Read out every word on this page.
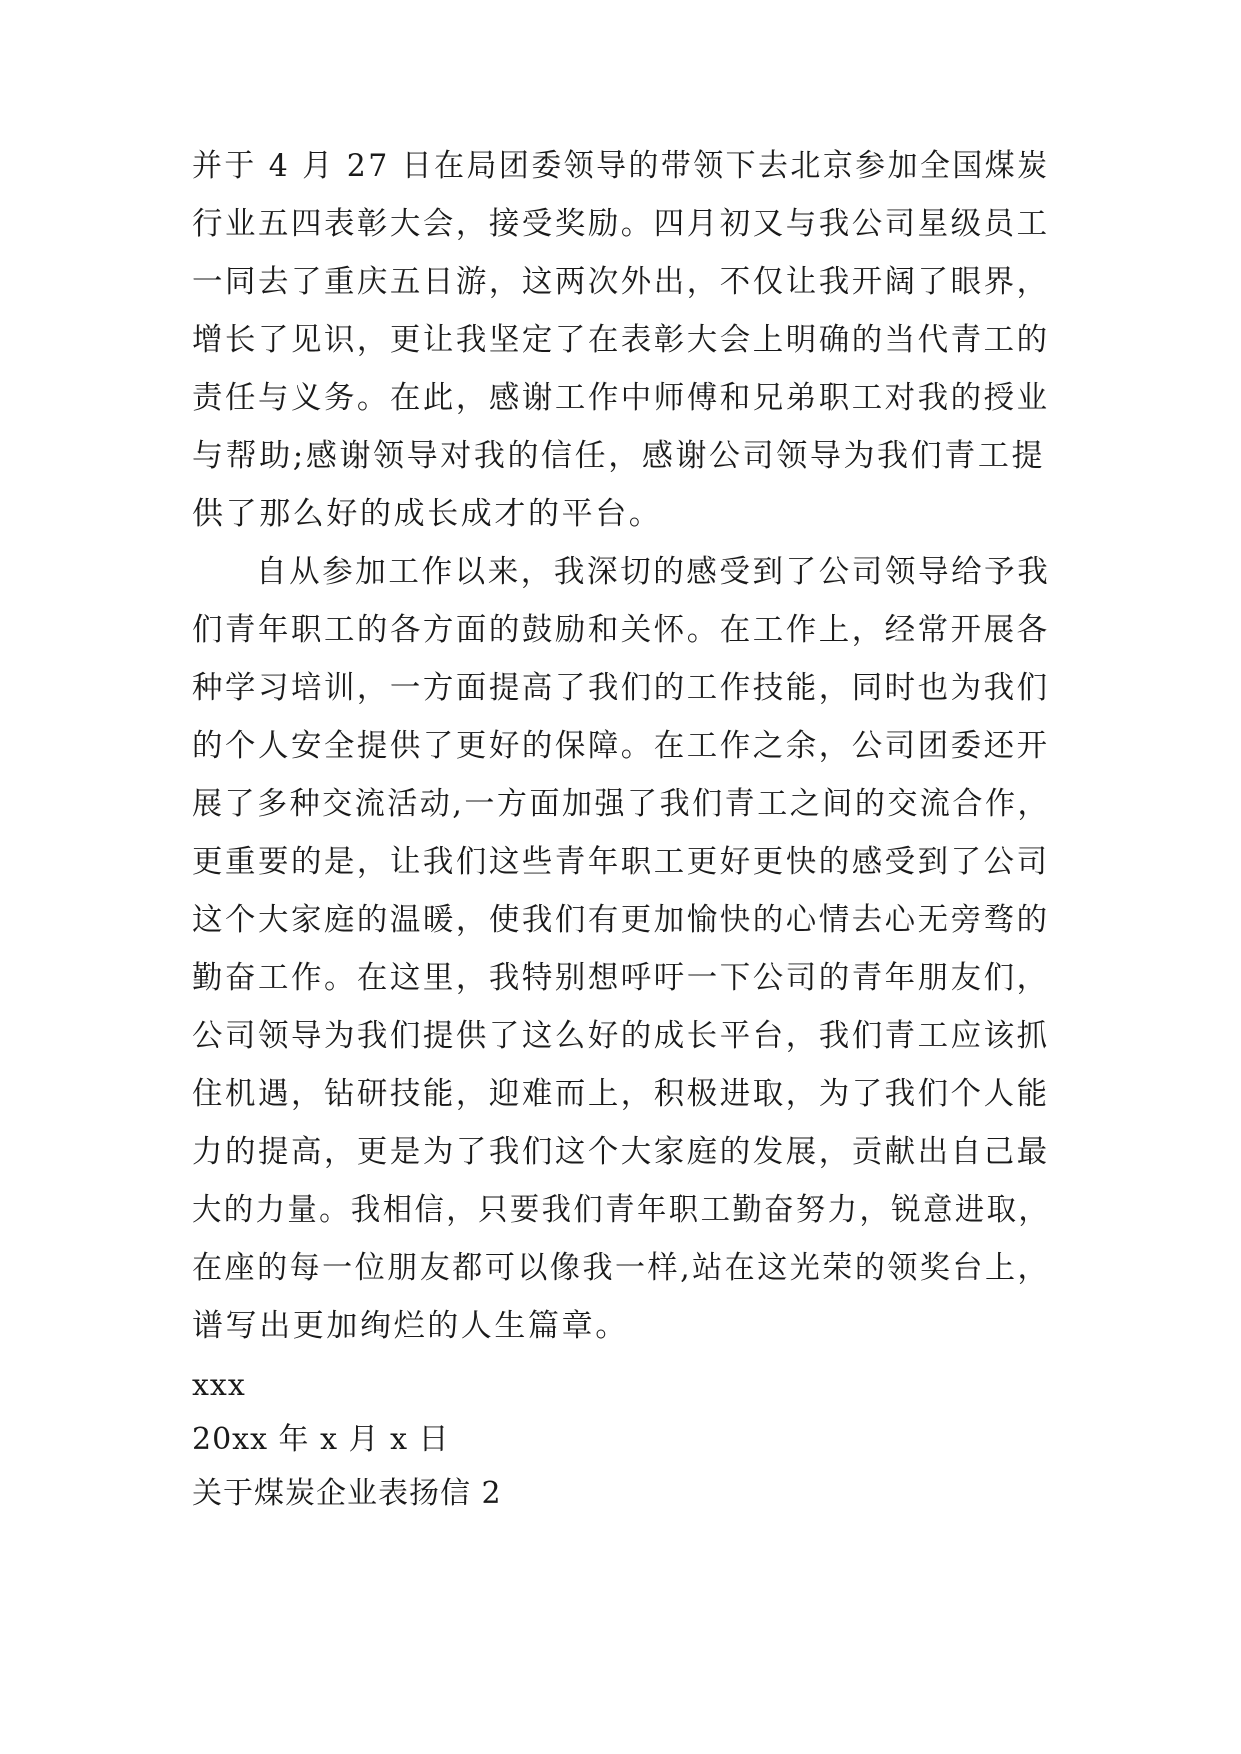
并于 4 月 27 日在局团委领导的带领下去北京参加全国煤炭
行业五四表彰大会，接受奖励。四月初又与我公司星级员工
一同去了重庆五日游，这两次外出，不仅让我开阔了眼界，
增长了见识，更让我坚定了在表彰大会上明确的当代青工的
责任与义务。在此，感谢工作中师傅和兄弟职工对我的授业
与帮助;感谢领导对我的信任，感谢公司领导为我们青工提
供了那么好的成长成才的平台。
自从参加工作以来，我深切的感受到了公司领导给予我
们青年职工的各方面的鼓励和关怀。在工作上，经常开展各
种学习培训，一方面提高了我们的工作技能，同时也为我们
的个人安全提供了更好的保障。在工作之余，公司团委还开
展了多种交流活动,一方面加强了我们青工之间的交流合作，
更重要的是，让我们这些青年职工更好更快的感受到了公司
这个大家庭的温暖，使我们有更加愉快的心情去心无旁骛的
勤奋工作。在这里，我特别想呼吁一下公司的青年朋友们，
公司领导为我们提供了这么好的成长平台，我们青工应该抓
住机遇，钻研技能，迎难而上，积极进取，为了我们个人能
力的提高，更是为了我们这个大家庭的发展，贡献出自己最
大的力量。我相信，只要我们青年职工勤奋努力，锐意进取，
在座的每一位朋友都可以像我一样,站在这光荣的领奖台上，
谱写出更加绚烂的人生篇章。
xxx
20xx 年 x 月 x 日
关于煤炭企业表扬信 2
